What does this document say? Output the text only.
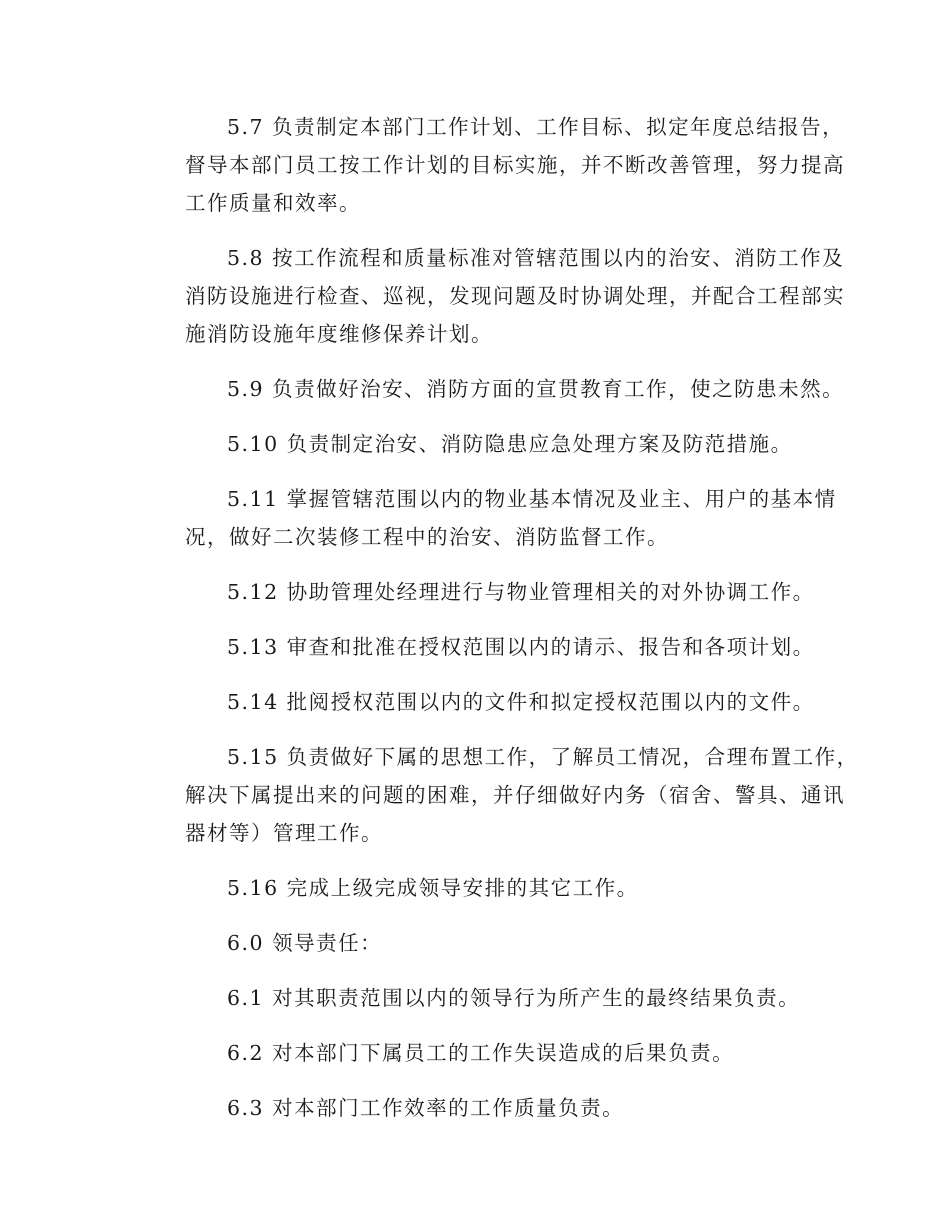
5.7 负责制定本部门工作计划、工作目标、拟定年度总结报告，
督导本部门员工按工作计划的目标实施，并不断改善管理，努力提高
工作质量和效率。

5.8 按工作流程和质量标准对管辖范围以内的治安、消防工作及
消防设施进行检查、巡视，发现问题及时协调处理，并配合工程部实
施消防设施年度维修保养计划。

5.9 负责做好治安、消防方面的宣贯教育工作，使之防患未然。

5.10 负责制定治安、消防隐患应急处理方案及防范措施。

5.11 掌握管辖范围以内的物业基本情况及业主、用户的基本情
况，做好二次装修工程中的治安、消防监督工作。

5.12 协助管理处经理进行与物业管理相关的对外协调工作。

5.13 审查和批准在授权范围以内的请示、报告和各项计划。

5.14 批阅授权范围以内的文件和拟定授权范围以内的文件。

5.15 负责做好下属的思想工作，了解员工情况，合理布置工作，
解决下属提出来的问题的困难，并仔细做好内务（宿舍、警具、通讯
器材等）管理工作。

5.16 完成上级完成领导安排的其它工作。

6.0 领导责任：

6.1 对其职责范围以内的领导行为所产生的最终结果负责。

6.2 对本部门下属员工的工作失误造成的后果负责。

6.3 对本部门工作效率的工作质量负责。
